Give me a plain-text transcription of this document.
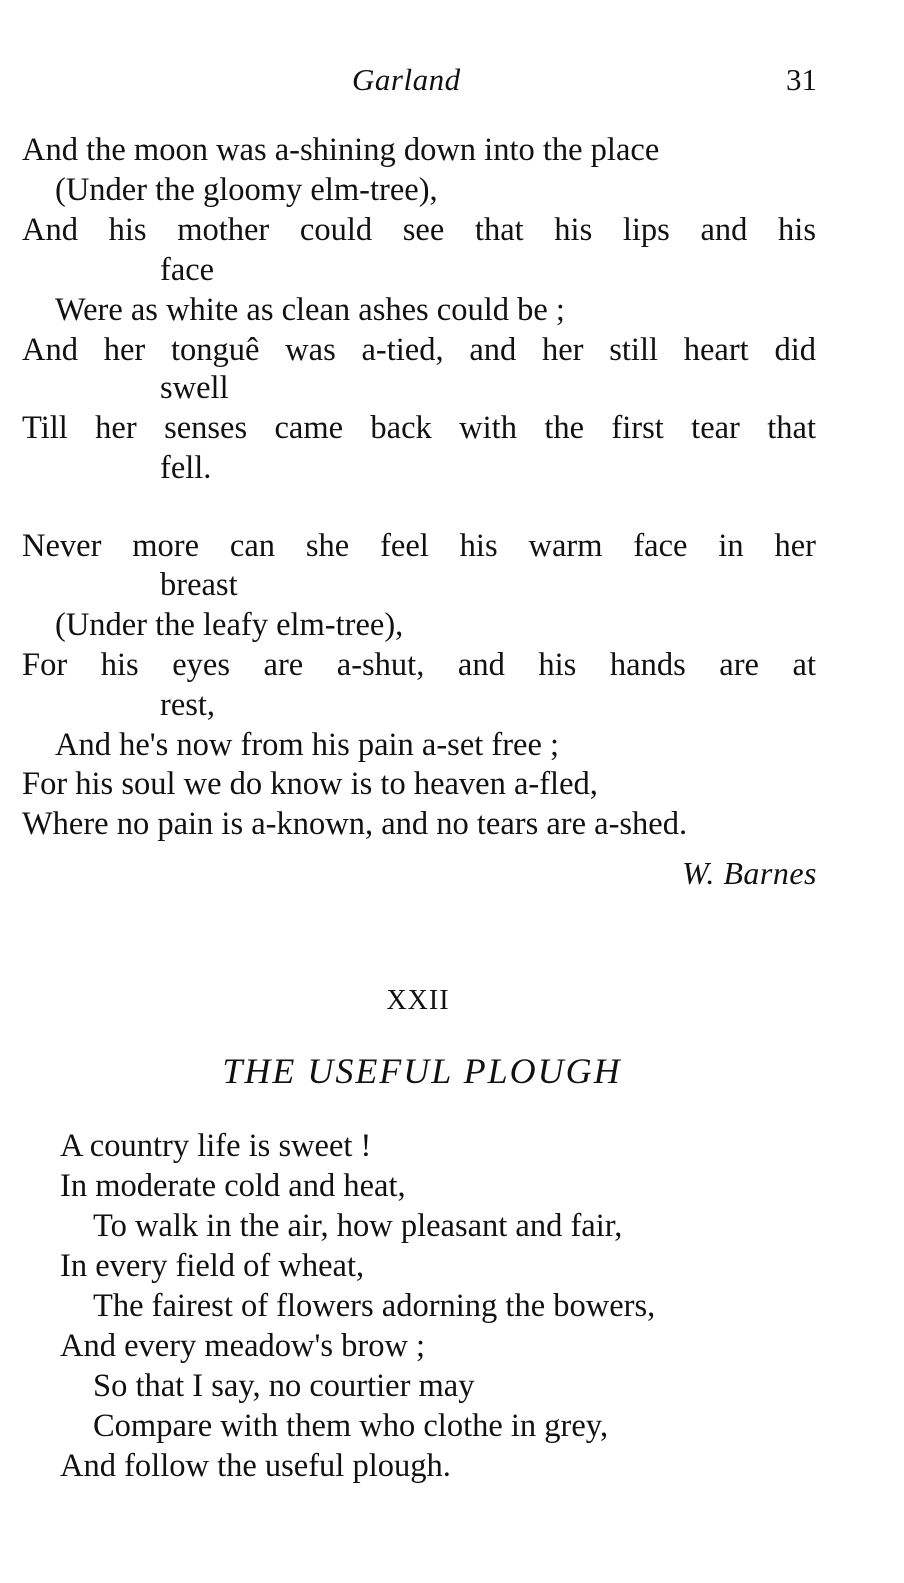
Garland	31
And the moon was a-shining down into the place
(Under the gloomy elm-tree),
And his mother could see that his lips and his
face
Were as white as clean ashes could be ;
And her tonguê was a-tied, and her still heart did
swell
Till her senses came back with the first tear that
fell.
Never more can she feel his warm face in her
breast
(Under the leafy elm-tree),
For his eyes are a-shut, and his hands are at
rest,
And he's now from his pain a-set free ;
For his soul we do know is to heaven a-fled,
Where no pain is a-known, and no tears are a-shed.
W. Barnes
XXII
THE USEFUL PLOUGH
A country life is sweet !
In moderate cold and heat,
To walk in the air, how pleasant and fair,
In every field of wheat,
The fairest of flowers adorning the bowers,
And every meadow's brow ;
So that I say, no courtier may
Compare with them who clothe in grey,
And follow the useful plough.
